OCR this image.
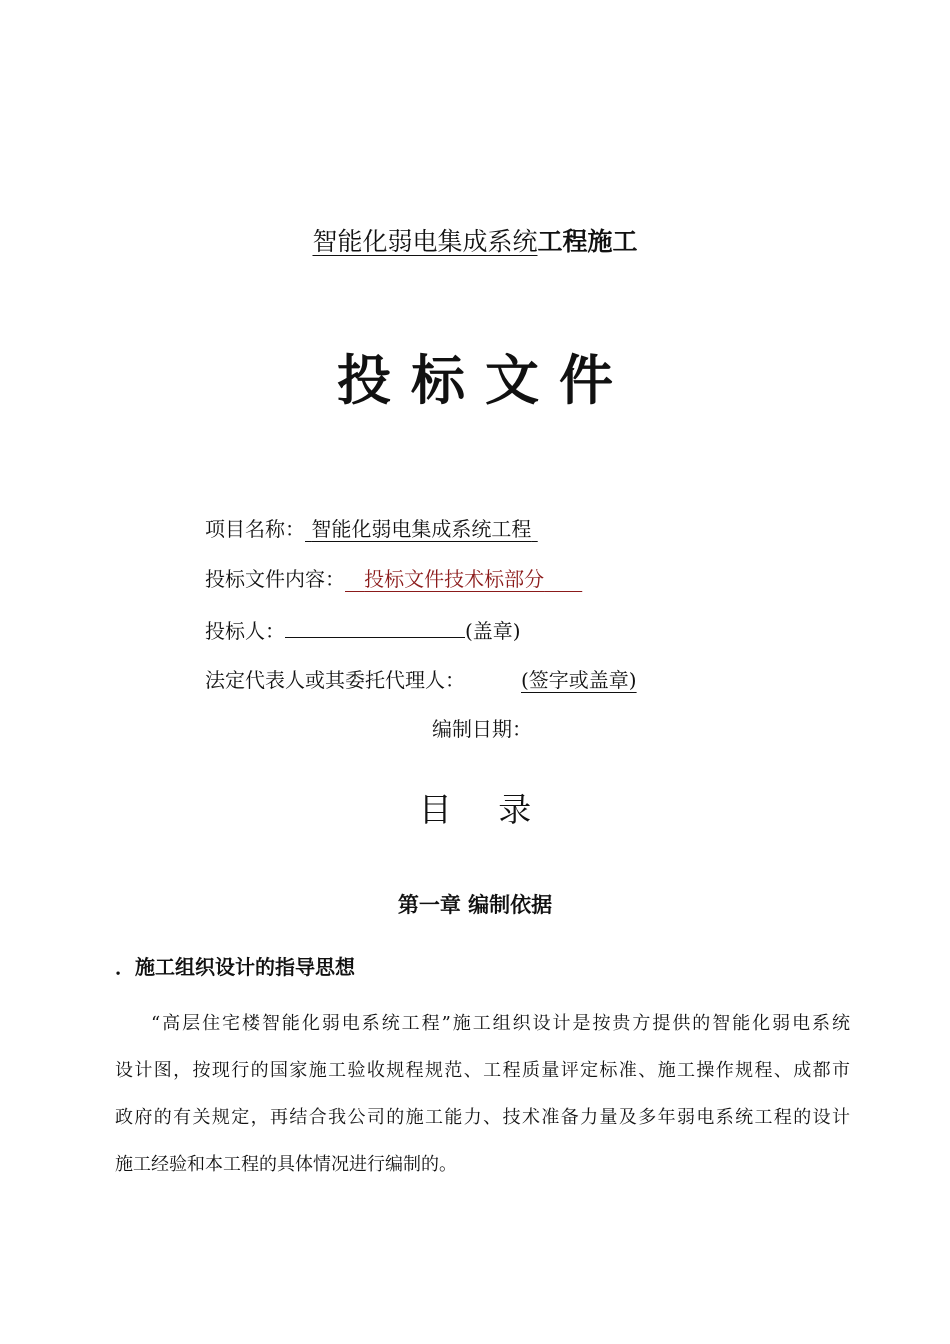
智能化弱电集成系统工程施工
投标文件
项目名称： 智能化弱电集成系统工程
投标文件内容： 投标文件技术标部分
投标人：	(盖章)
法定代表人或其委托代理人：	(签字或盖章)
编制日期：
目 录
第一章 编制依据
．施工组织设计的指导思想
“高层住宅楼智能化弱电系统工程”施工组织设计是按贵方提供的智能化弱电系统
设计图，按现行的国家施工验收规程规范、工程质量评定标准、施工操作规程、成都市
政府的有关规定，再结合我公司的施工能力、技术准备力量及多年弱电系统工程的设计
施工经验和本工程的具体情况进行编制的。
